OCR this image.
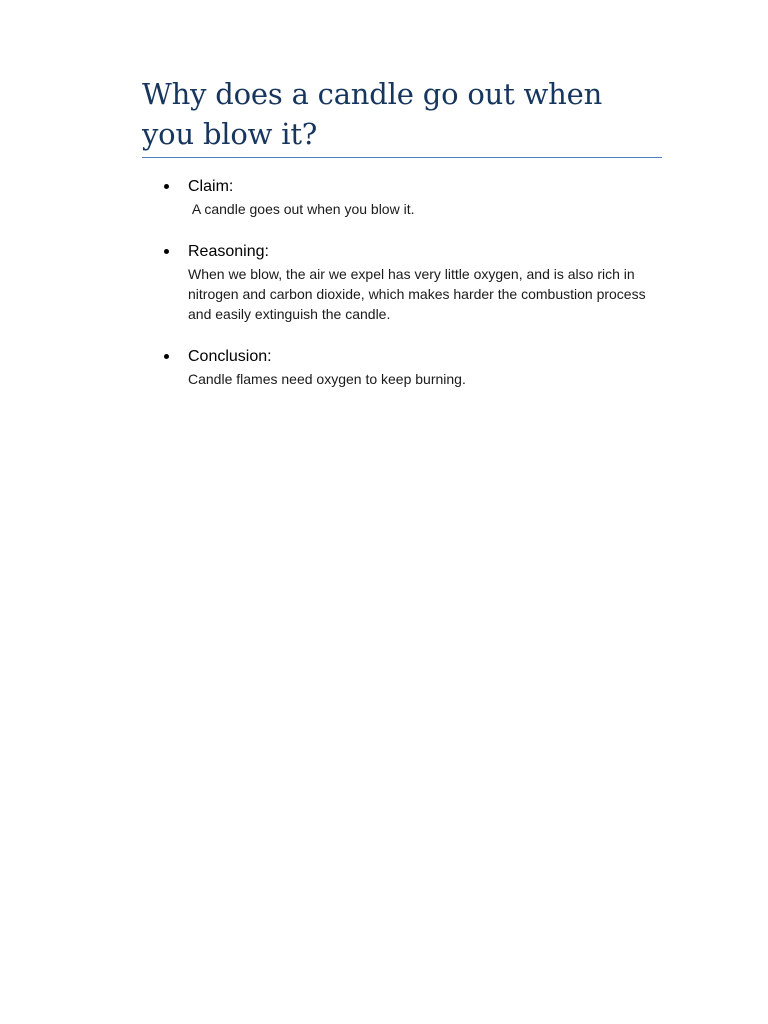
Why does a candle go out when you blow it?
Claim:
A candle goes out when you blow it.
Reasoning:
When we blow, the air we expel has very little oxygen, and is also rich in nitrogen and carbon dioxide, which makes harder the combustion process and easily extinguish the candle.
Conclusion:
Candle flames need oxygen to keep burning.
